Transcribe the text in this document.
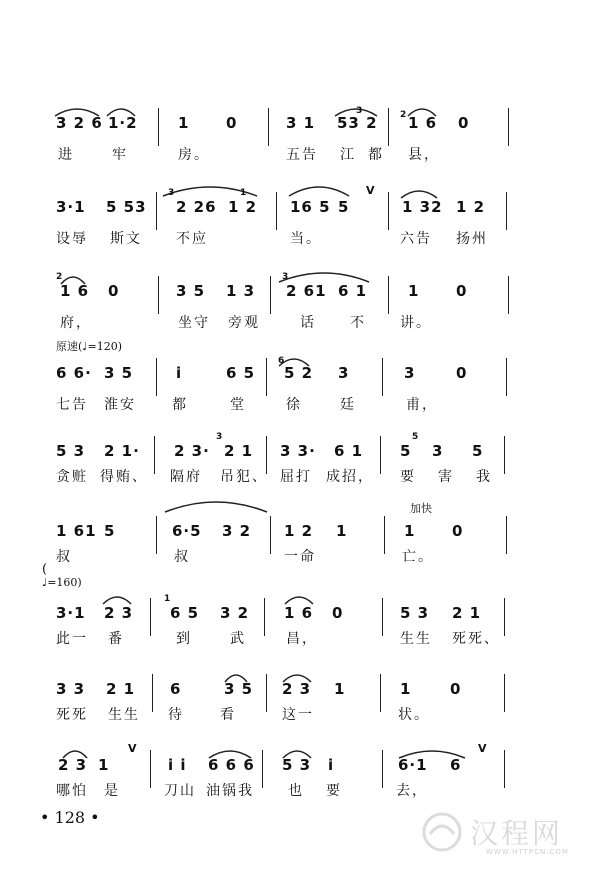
3 2 6 1·2	1 0	3 1 53 2 1 6 0
进	牢	房。	五告 江 都 县，
3·1 5 53 2 26 1 2 16 5 5
V
1 32 1 2
设辱 斯文 不应	当。	六告 扬州
1 6 0	3 5 1 3 2 61 6 1	1 0
府，	坐守 旁观	话 不 讲。
原速(♩=120)
6 6· 3 5	i	6 5 5 2 3	3	0
七告 淮安	都	堂	徐	廷	甫，
5 3 2 1· 2 3· 2 1 3 3· 6 1 5 3 5
贪赃 得贿、 隔府 吊犯、 屈打 成招， 要 害 我
加快
1 61 5	6·5 3 2 1 2 1	1 0
叔	叔	一命	亡。
(
♩=160)
3·1 2 3 6 5 3 2 1 6 0	5 3 2 1
此一 番	到	武	昌，	生生 死死、
3 3 2 1 6	3 5 2 3 1	1	0
死死 生生 待	看	这一	状。
2 3 1
V
i i 6 6 6 5 3 i	6·1 6
V
哪怕 是	刀山 油锅我 也 要	去，
3	2
3	1
3
2
6
3	5
1
• 128 •	汉程网
WWW.HTTPCN.COM
